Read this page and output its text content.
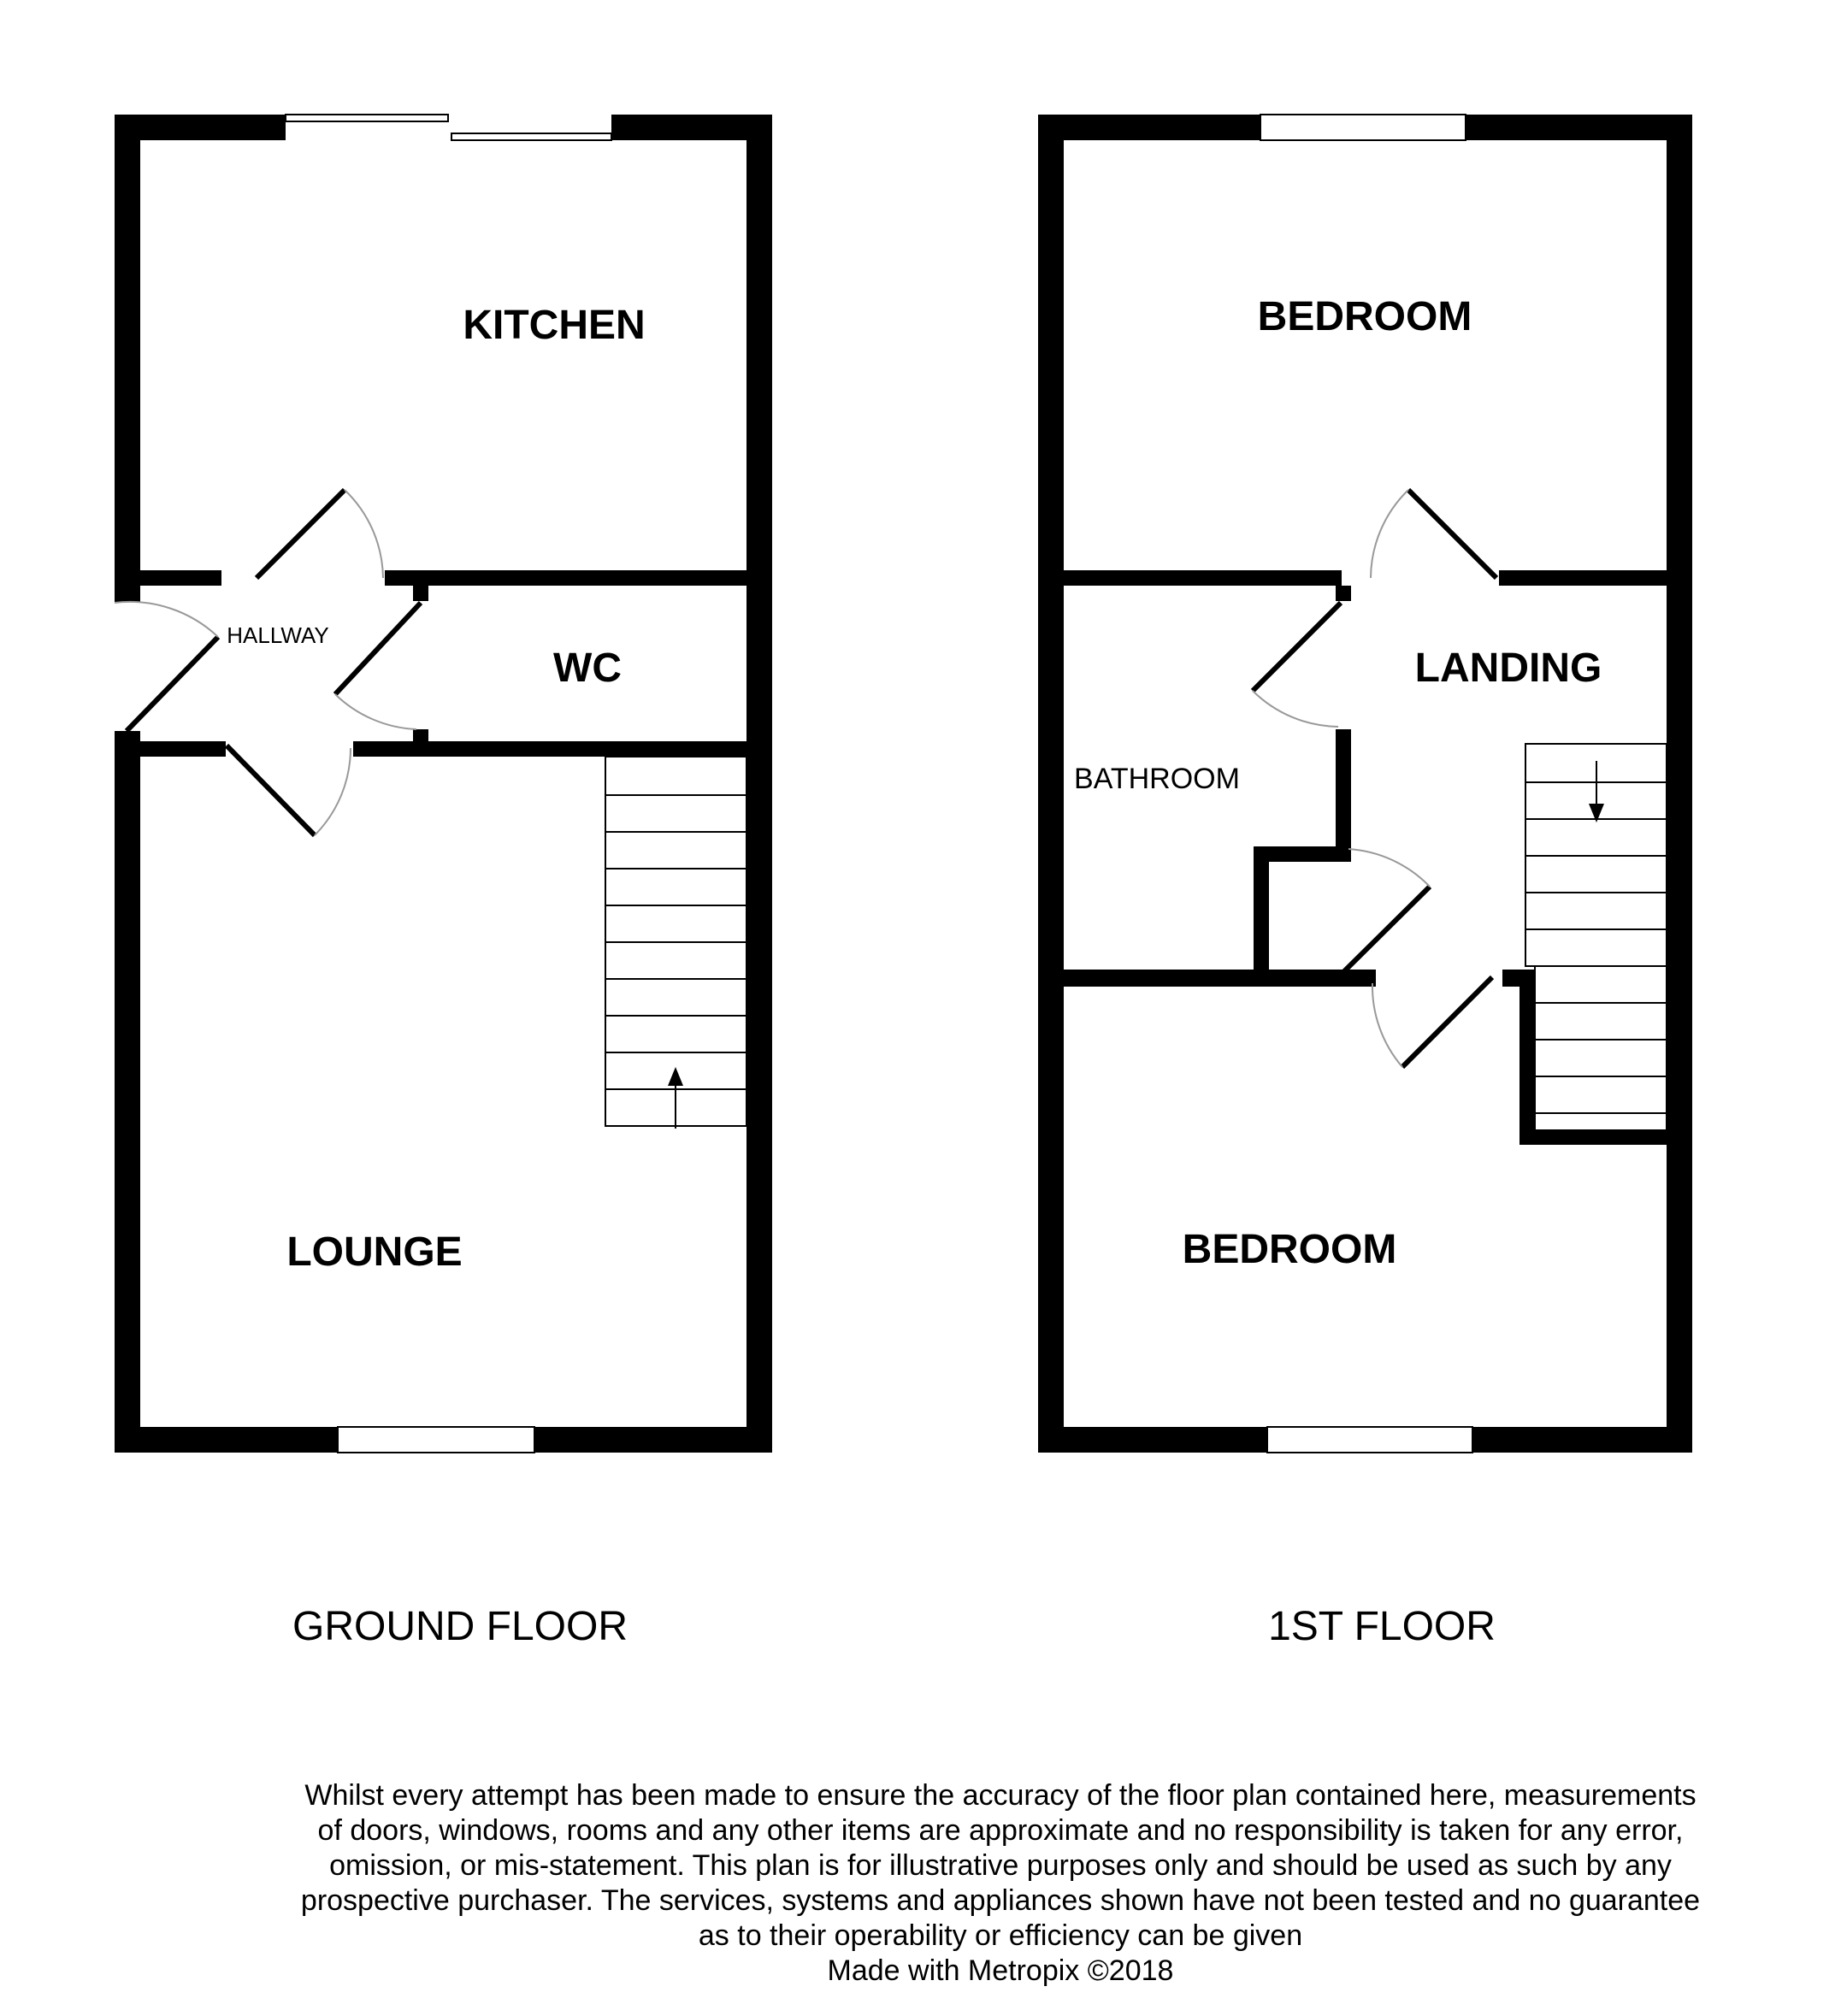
KITCHEN
HALLWAY
WC
LOUNGE
BEDROOM
LANDING
BATHROOM
BEDROOM
GROUND FLOOR	1ST FLOOR
Whilst every attempt has been made to ensure the accuracy of the floor plan contained here, measurements
of doors, windows, rooms and any other items are approximate and no responsibility is taken for any error,
omission, or mis-statement. This plan is for illustrative purposes only and should be used as such by any
prospective purchaser. The services, systems and appliances shown have not been tested and no guarantee
as to their operability or efficiency can be given
Made with Metropix ©2018
